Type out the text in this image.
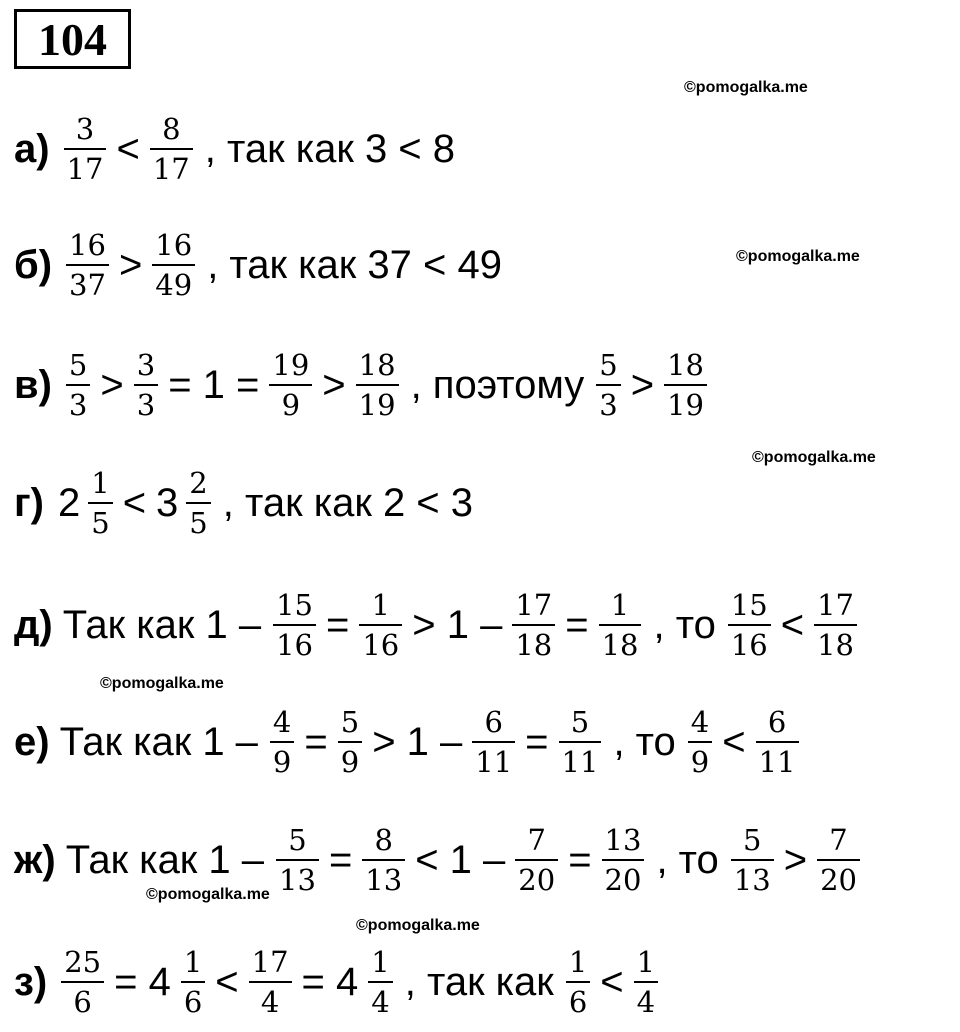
104
©pomogalka.me
©pomogalka.me
©pomogalka.me
©pomogalka.me
©pomogalka.me
©pomogalka.me
$а) \frac{3}{17} < \frac{8}{17}$ , так как 3 < 8
$б) \frac{16}{37} > \frac{16}{49}$ , так как 37 < 49
$в) \frac{5}{3} > \frac{3}{3} = 1 = \frac{19}{9} > \frac{18}{19}$ , поэтому $\frac{5}{3} > \frac{18}{19}$
г) $2 \frac{1}{5} < 3 \frac{2}{5}$ , так как 2 < 3
д) Так как $1 - \frac{15}{16} = \frac{1}{16} > 1 - \frac{17}{18} = \frac{1}{18}$ , то $\frac{15}{16} < \frac{17}{18}$
е) Так как $1 - \frac{4}{9} = \frac{5}{9} > 1 - \frac{6}{11} = \frac{5}{11}$ , то $\frac{4}{9} < \frac{6}{11}$
ж) Так как $1 - \frac{5}{13} = \frac{8}{13} < 1 - \frac{7}{20} = \frac{13}{20}$ , то $\frac{5}{13} > \frac{7}{20}$
$з) \frac{25}{6} = 4 \frac{1}{6} < \frac{17}{4} = 4 \frac{1}{4}$ , так как $\frac{1}{6} < \frac{1}{4}$
